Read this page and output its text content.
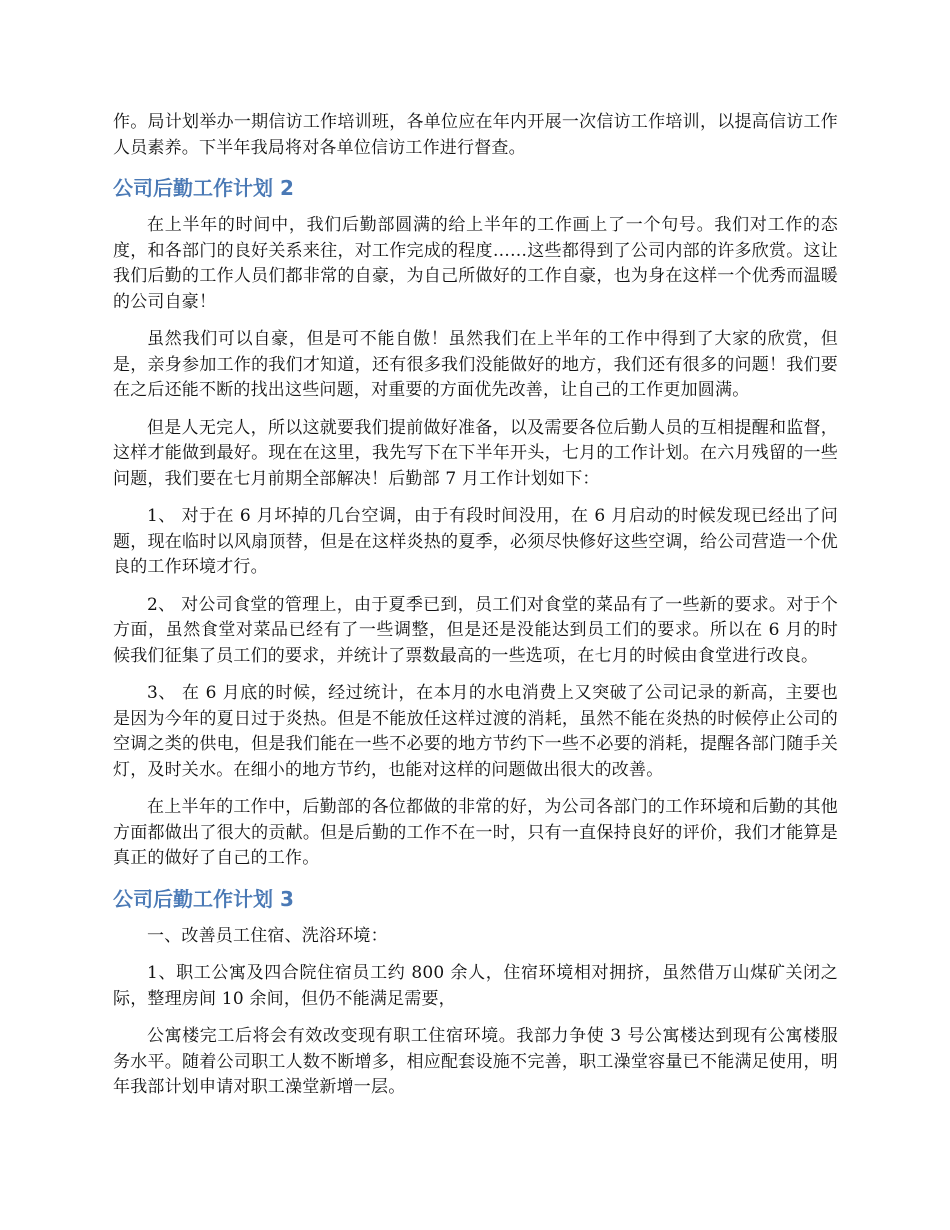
作。局计划举办一期信访工作培训班，各单位应在年内开展一次信访工作培训，以提高信访工作人员素养。下半年我局将对各单位信访工作进行督查。

公司后勤工作计划 2

在上半年的时间中，我们后勤部圆满的给上半年的工作画上了一个句号。我们对工作的态度，和各部门的良好关系来往，对工作完成的程度……这些都得到了公司内部的许多欣赏。这让我们后勤的工作人员们都非常的自豪，为自己所做好的工作自豪，也为身在这样一个优秀而温暖的公司自豪！

虽然我们可以自豪，但是可不能自傲！虽然我们在上半年的工作中得到了大家的欣赏，但是，亲身参加工作的我们才知道，还有很多我们没能做好的地方，我们还有很多的问题！我们要在之后还能不断的找出这些问题，对重要的方面优先改善，让自己的工作更加圆满。

但是人无完人，所以这就要我们提前做好准备，以及需要各位后勤人员的互相提醒和监督，这样才能做到最好。现在在这里，我先写下在下半年开头，七月的工作计划。在六月残留的一些问题，我们要在七月前期全部解决！后勤部 7 月工作计划如下：

1、 对于在 6 月坏掉的几台空调，由于有段时间没用，在 6 月启动的时候发现已经出了问题，现在临时以风扇顶替，但是在这样炎热的夏季，必须尽快修好这些空调，给公司营造一个优良的工作环境才行。

2、 对公司食堂的管理上，由于夏季已到，员工们对食堂的菜品有了一些新的要求。对于个方面，虽然食堂对菜品已经有了一些调整，但是还是没能达到员工们的要求。所以在 6 月的时候我们征集了员工们的要求，并统计了票数最高的一些选项，在七月的时候由食堂进行改良。

3、 在 6 月底的时候，经过统计，在本月的水电消费上又突破了公司记录的新高，主要也是因为今年的夏日过于炎热。但是不能放任这样过渡的消耗，虽然不能在炎热的时候停止公司的空调之类的供电，但是我们能在一些不必要的地方节约下一些不必要的消耗，提醒各部门随手关灯，及时关水。在细小的地方节约，也能对这样的问题做出很大的改善。

在上半年的工作中，后勤部的各位都做的非常的好，为公司各部门的工作环境和后勤的其他方面都做出了很大的贡献。但是后勤的工作不在一时，只有一直保持良好的评价，我们才能算是真正的做好了自己的工作。

公司后勤工作计划 3

一、改善员工住宿、洗浴环境：

1、职工公寓及四合院住宿员工约 800 余人，住宿环境相对拥挤，虽然借万山煤矿关闭之际，整理房间 10 余间，但仍不能满足需要，

公寓楼完工后将会有效改变现有职工住宿环境。我部力争使 3 号公寓楼达到现有公寓楼服务水平。随着公司职工人数不断增多，相应配套设施不完善，职工澡堂容量已不能满足使用，明年我部计划申请对职工澡堂新增一层。
